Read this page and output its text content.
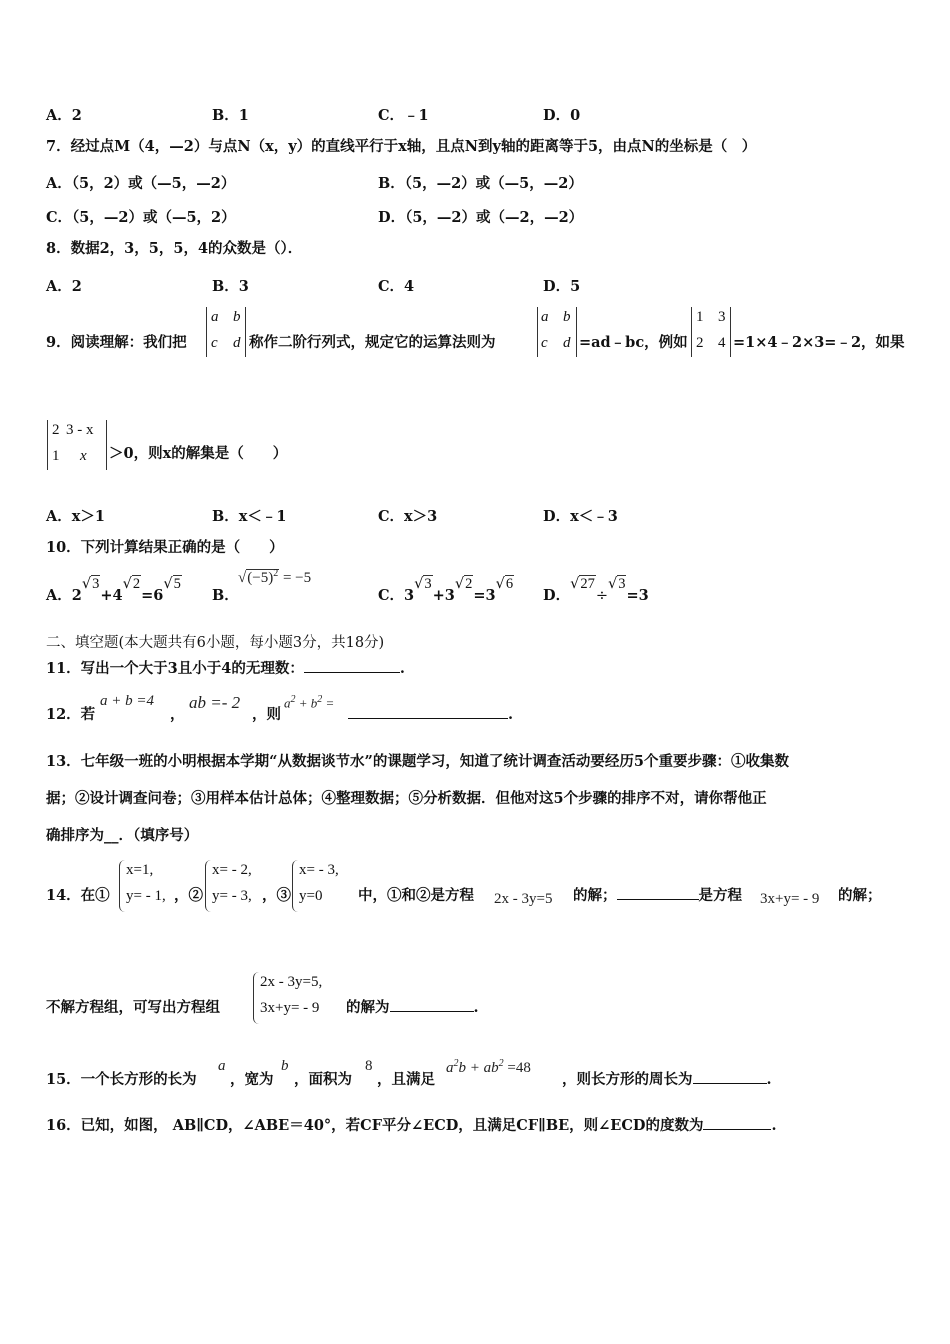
A．2	B．1	C．﹣1	D．0
7．经过点M（4，—2）与点N（x，y）的直线平行于x轴，且点N到y轴的距离等于5，由点N的坐标是（　）
A．（5，2）或（—5，—2）	B．（5，—2）或（—5，—2）
C．（5，—2）或（—5，2）	D．（5，—2）或（—2，—2）
8．数据2，3，5，5，4的众数是（）．
A．2	B．3	C．4	D．5
9．阅读理解：我们把
a b
c d 称作二阶行列式，规定它的运算法则为
a b
c d =ad﹣bc，例如
1 3
2 4 =1×4﹣2×3=﹣2，如果
2 3 - x
1 x ＞0，则x的解集是（　　）
A．x＞1	B．x＜﹣1	C．x＞3	D．x＜﹣3
10．下列计算结果正确的是（　　）
A．2√3+4√2=6√5
B．
$√(-5)^2 = -5$
C．3√3+3√2=3√6
D．√27÷√3=3
二、填空题(本大题共有6小题，每小题3分，共18分)
11．写出一个大于3且小于4的无理数：	.
12．若
a + b =4
，
ab =- 2
，则
$a^2 + b^2$ =
.
13．七年级一班的小明根据本学期“从数据谈节水”的课题学习，知道了统计调查活动要经历5个重要步骤：①收集数
据；②设计调查问卷；③用样本估计总体；④整理数据；⑤分析数据．但他对这5个步骤的排序不对，请你帮他正
确排序为__．（填序号）
14．在①
x=1,
y= - 1, ，②
x= - 2,
y= - 3, ，③
x= - 3,
y=0 中，①和②是方程 2x - 3y=5 的解；	是方程 3x+y= - 9 的解；
不解方程组，可写出方程组
2x - 3y=5,
3x+y= - 9 的解为	.
15．一个长方形的长为
a
，宽为
b
，面积为
8
，且满足
$a^2b + ab^2 =48$
，则长方形的周长为	.
16．已知，如图， AB∥CD，∠ABE＝40°，若CF平分∠ECD，且满足CF∥BE，则∠ECD的度数为	.
